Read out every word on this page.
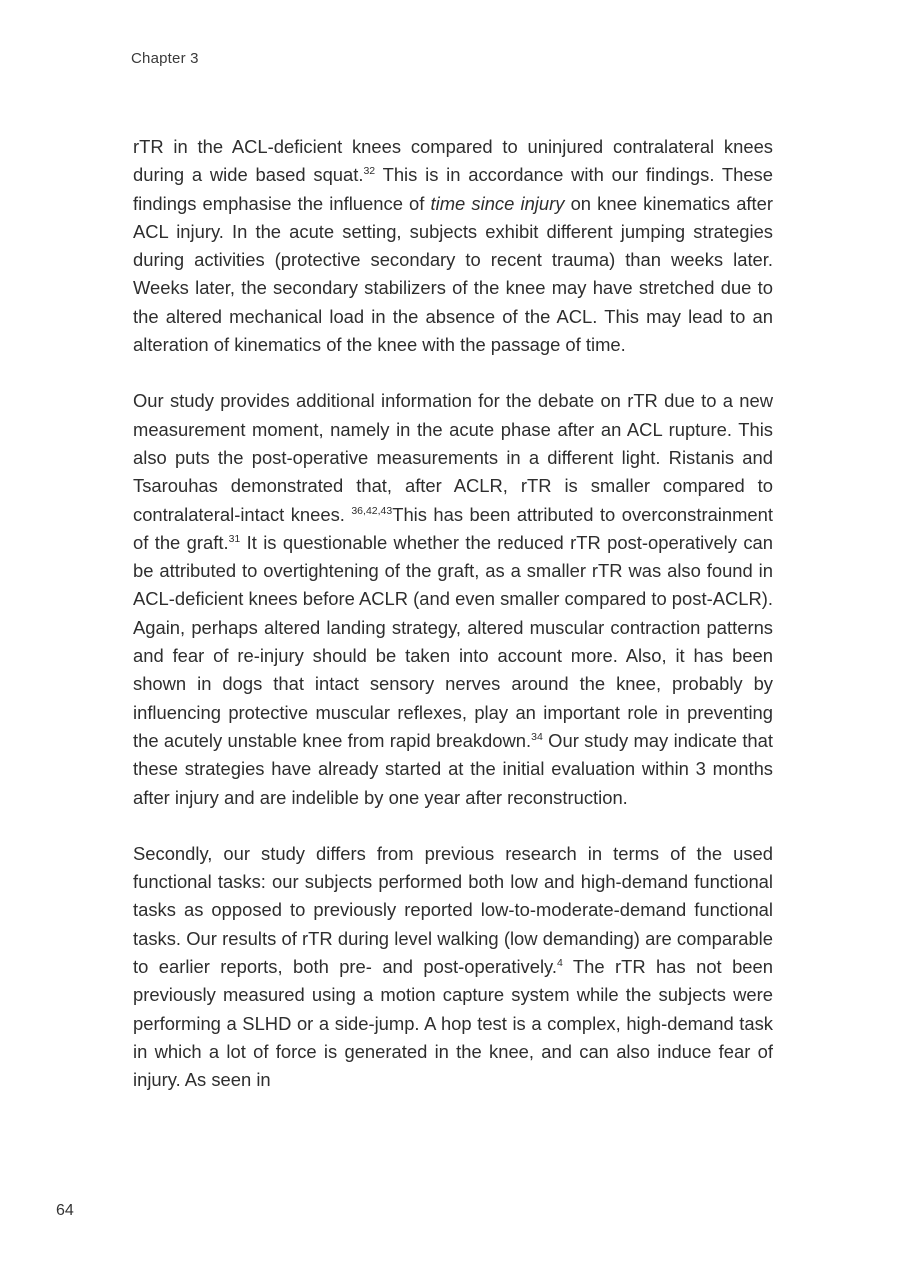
Chapter 3

rTR in the ACL-deficient knees compared to uninjured contralateral knees during a wide based squat.$^{32}$ This is in accordance with our findings. These findings emphasise the influence of time since injury on knee kinematics after ACL injury. In the acute setting, subjects exhibit different jumping strategies during activities (protective secondary to recent trauma) than weeks later. Weeks later, the secondary stabilizers of the knee may have stretched due to the altered mechanical load in the absence of the ACL. This may lead to an alteration of kinematics of the knee with the passage of time.

Our study provides additional information for the debate on rTR due to a new measurement moment, namely in the acute phase after an ACL rupture. This also puts the post-operative measurements in a different light. Ristanis and Tsarouhas demonstrated that, after ACLR, rTR is smaller compared to contralateral-intact knees. $^{36,42,43}$This has been attributed to overconstrainment of the graft.$^{31}$ It is questionable whether the reduced rTR post-operatively can be attributed to overtightening of the graft, as a smaller rTR was also found in ACL-deficient knees before ACLR (and even smaller compared to post-ACLR). Again, perhaps altered landing strategy, altered muscular contraction patterns and fear of re-injury should be taken into account more. Also, it has been shown in dogs that intact sensory nerves around the knee, probably by influencing protective muscular reflexes, play an important role in preventing the acutely unstable knee from rapid breakdown.$^{34}$ Our study may indicate that these strategies have already started at the initial evaluation within 3 months after injury and are indelible by one year after reconstruction.

Secondly, our study differs from previous research in terms of the used functional tasks: our subjects performed both low and high-demand functional tasks as opposed to previously reported low-to-moderate-demand functional tasks. Our results of rTR during level walking (low demanding) are comparable to earlier reports, both pre- and post-operatively.$^4$ The rTR has not been previously measured using a motion capture system while the subjects were performing a SLHD or a side-jump. A hop test is a complex, high-demand task in which a lot of force is generated in the knee, and can also induce fear of injury. As seen in

64
